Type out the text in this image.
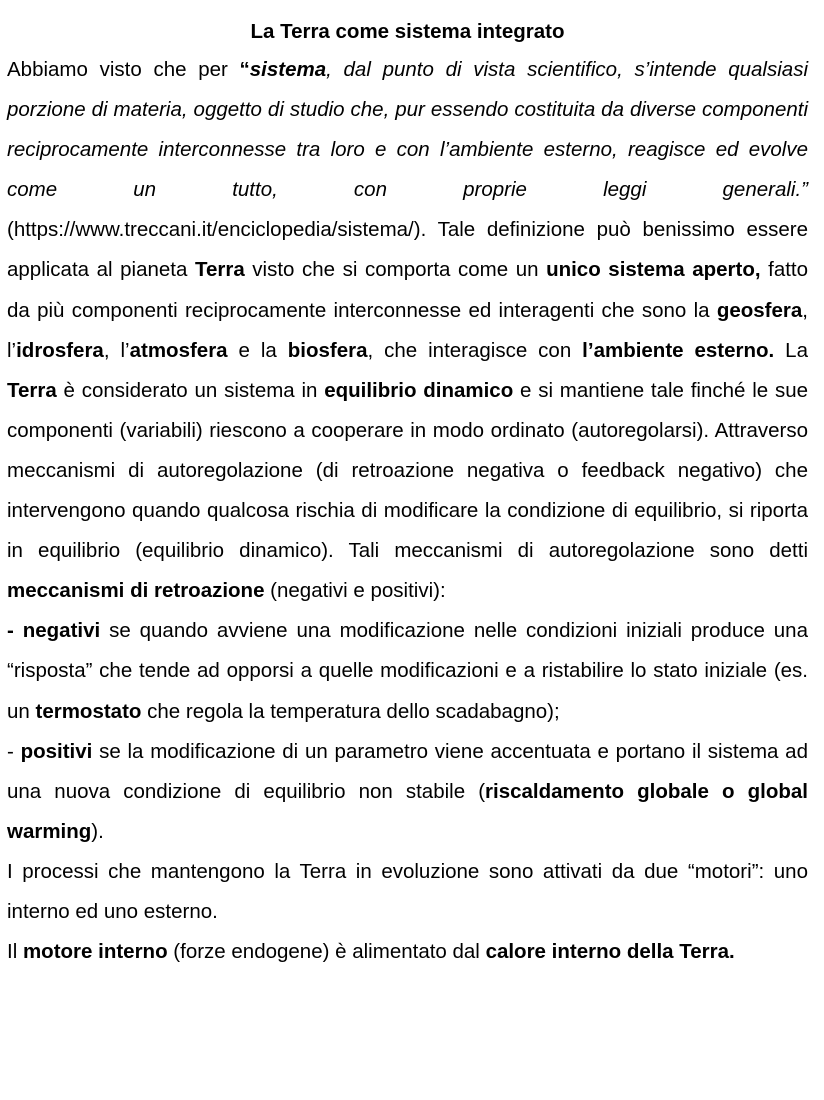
La Terra come sistema integrato

Abbiamo visto che per “sistema, dal punto di vista scientifico, s’intende qualsiasi porzione di materia, oggetto di studio che, pur essendo costituita da diverse componenti reciprocamente interconnesse tra loro e con l’ambiente esterno, reagisce ed evolve come un tutto, con proprie leggi generali.” (https://www.treccani.it/enciclopedia/sistema/). Tale definizione può benissimo essere applicata al pianeta Terra visto che si comporta come un unico sistema aperto, fatto da più componenti reciprocamente interconnesse ed interagenti che sono la geosfera, l’idrosfera, l’atmosfera e la biosfera, che interagisce con l’ambiente esterno. La Terra è considerato un sistema in equilibrio dinamico e si mantiene tale finché le sue componenti (variabili) riescono a cooperare in modo ordinato (autoregolarsi). Attraverso meccanismi di autoregolazione (di retroazione negativa o feedback negativo) che intervengono quando qualcosa rischia di modificare la condizione di equilibrio, si riporta in equilibrio (equilibrio dinamico). Tali meccanismi di autoregolazione sono detti meccanismi di retroazione (negativi e positivi):

- negativi se quando avviene una modificazione nelle condizioni iniziali produce una “risposta” che tende ad opporsi a quelle modificazioni e a ristabilire lo stato iniziale (es. un termostato che regola la temperatura dello scadabagno);

- positivi se la modificazione di un parametro viene accentuata e portano il sistema ad una nuova condizione di equilibrio non stabile (riscaldamento globale o global warming).

I processi che mantengono la Terra in evoluzione sono attivati da due “motori”: uno interno ed uno esterno.

Il motore interno (forze endogene) è alimentato dal calore interno della Terra.
